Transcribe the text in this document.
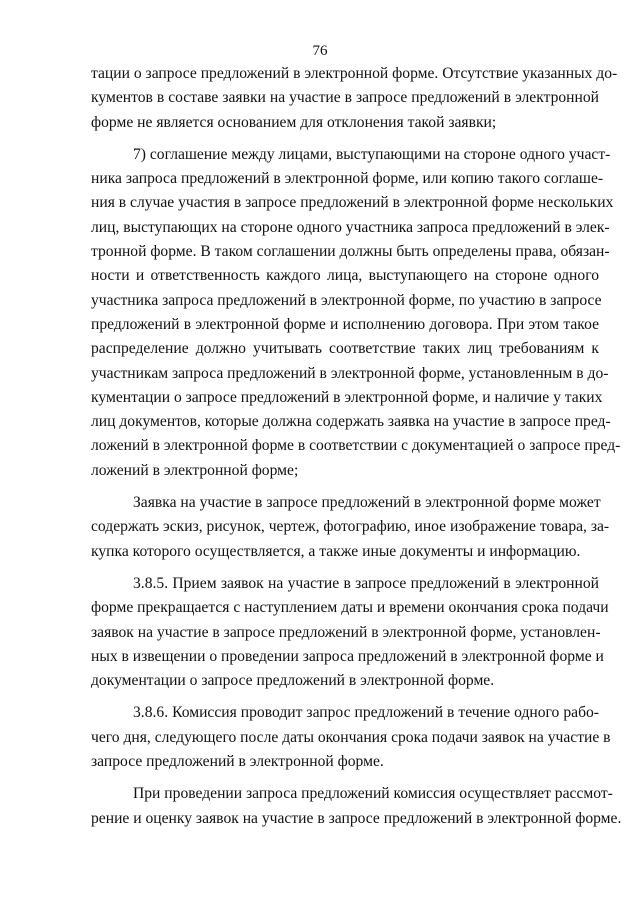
76
тации о запросе предложений в электронной форме. Отсутствие указанных до-
кументов в составе заявки на участие в запросе предложений в электронной
форме не является основанием для отклонения такой заявки;
7) соглашение между лицами, выступающими на стороне одного участ-
ника запроса предложений в электронной форме, или копию такого соглаше-
ния в случае участия в запросе предложений в электронной форме нескольких
лиц, выступающих на стороне одного участника запроса предложений в элек-
тронной форме. В таком соглашении должны быть определены права, обязан-
ности и ответственность каждого лица, выступающего на стороне одного
участника запроса предложений в электронной форме, по участию в запросе
предложений в электронной форме и исполнению договора. При этом такое
распределение должно учитывать соответствие таких лиц требованиям к
участникам запроса предложений в электронной форме, установленным в до-
кументации о запросе предложений в электронной форме, и наличие у таких
лиц документов, которые должна содержать заявка на участие в запросе пред-
ложений в электронной форме в соответствии с документацией о запросе пред-
ложений в электронной форме;
Заявка на участие в запросе предложений в электронной форме может
содержать эскиз, рисунок, чертеж, фотографию, иное изображение товара, за-
купка которого осуществляется, а также иные документы и информацию.
3.8.5. Прием заявок на участие в запросе предложений в электронной
форме прекращается с наступлением даты и времени окончания срока подачи
заявок на участие в запросе предложений в электронной форме, установлен-
ных в извещении о проведении запроса предложений в электронной форме и
документации о запросе предложений в электронной форме.
3.8.6. Комиссия проводит запрос предложений в течение одного рабо-
чего дня, следующего после даты окончания срока подачи заявок на участие в
запросе предложений в электронной форме.
При проведении запроса предложений комиссия осуществляет рассмот-
рение и оценку заявок на участие в запросе предложений в электронной форме.
